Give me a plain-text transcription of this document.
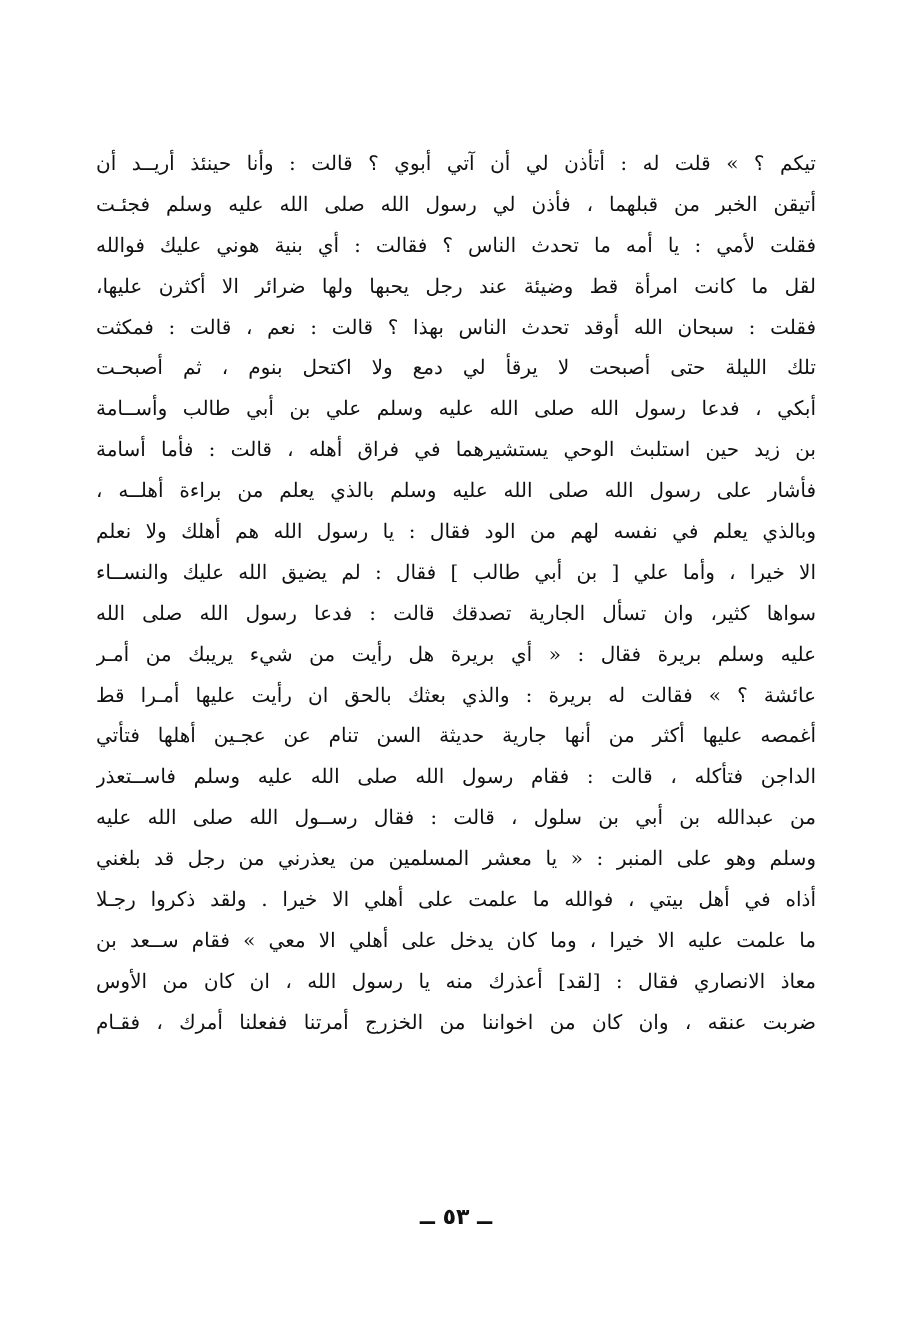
تيكم ؟ » قلت له : أتأذن لي أن آتي أبوي ؟ قالت : وأنا حينئذ أريــد أن
أتيقن الخبر من قبلهما ، فأذن لي رسول الله صلى الله عليه وسلم فجئـت
فقلت لأمي : يا أمه ما تحدث الناس ؟ فقالت : أي بنية هوني عليك فوالله
لقل ما كانت امرأة قط وضيئة عند رجل يحبها ولها ضرائر الا أكثرن عليها،
فقلت : سبحان الله أوقد تحدث الناس بهذا ؟ قالت : نعم ، قالت : فمكثت
تلك الليلة حتى أصبحت لا يرقأ لي دمع ولا اكتحل بنوم ، ثم أصبحـت
أبكي ، فدعا رسول الله صلى الله عليه وسلم علي بن أبي طالب وأســامة
بن زيد حين استلبث الوحي يستشيرهما في فراق أهله ، قالت : فأما أسامة
فأشار على رسول الله صلى الله عليه وسلم بالذي يعلم من براءة أهلــه ،
وبالذي يعلم في نفسه لهم من الود فقال : يا رسول الله هم أهلك ولا نعلم
الا خيرا ، وأما علي [ بن أبي طالب ] فقال : لم يضيق الله عليك والنســاء
سواها كثير، وان تسأل الجارية تصدقك قالت : فدعا رسول الله صلى الله
عليه وسلم بريرة فقال : « أي بريرة هل رأيت من شيء يريبك من أمـر
عائشة ؟ » فقالت له بريرة : والذي بعثك بالحق ان رأيت عليها أمـرا قط
أغمصه عليها أكثر من أنها جارية حديثة السن تنام عن عجـين أهلها فتأتي
الداجن فتأكله ، قالت : فقام رسول الله صلى الله عليه وسلم فاســتعذر
من عبدالله بن أبي بن سلول ، قالت : فقال رســول الله صلى الله عليه
وسلم وهو على المنبر : « يا معشر المسلمين من يعذرني من رجل قد بلغني
أذاه في أهل بيتي ، فوالله ما علمت على أهلي الا خيرا . ولقد ذكروا رجـلا
ما علمت عليه الا خيرا ، وما كان يدخل على أهلي الا معي » فقام ســعد بن
معاذ الانصاري فقال : [لقد] أعذرك منه يا رسول الله ، ان كان من الأوس
ضربت عنقه ، وان كان من اخواننا من الخزرج أمرتنا ففعلنا أمرك ، فقـام
ــ ٥٣ ــ
